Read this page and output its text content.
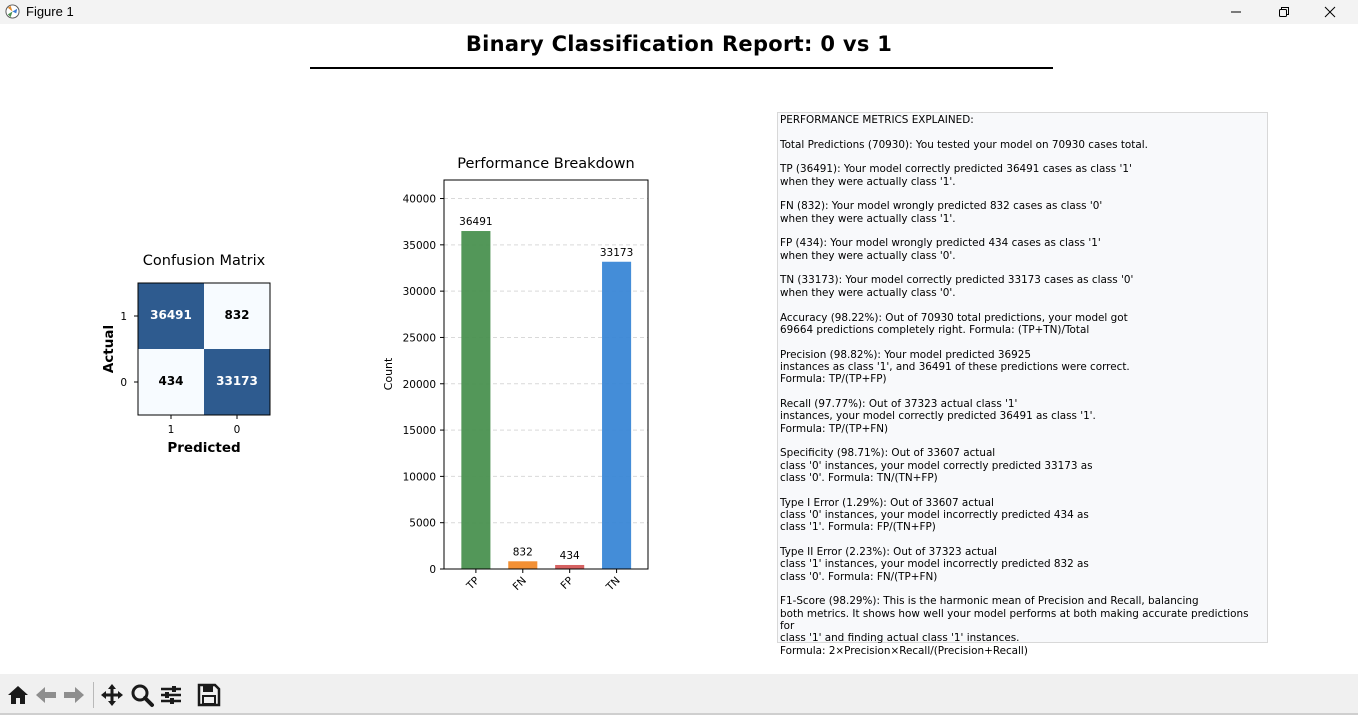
Figure 1
Binary Classification Report: 0 vs 1
Confusion Matrix
36491	832
434	33173
1
0
1	0
Predicted
Actual
Performance Breakdown
Count
0
5000
10000
15000
20000
25000
30000
35000
40000
36491
832	434
33173
TP	FN	FP	TN
PERFORMANCE METRICS EXPLAINED:

Total Predictions (70930): You tested your model on 70930 cases total.

TP (36491): Your model correctly predicted 36491 cases as class '1'
when they were actually class '1'.

FN (832): Your model wrongly predicted 832 cases as class '0'
when they were actually class '1'.

FP (434): Your model wrongly predicted 434 cases as class '1'
when they were actually class '0'.

TN (33173): Your model correctly predicted 33173 cases as class '0'
when they were actually class '0'.

Accuracy (98.22%): Out of 70930 total predictions, your model got
69664 predictions completely right. Formula: (TP+TN)/Total

Precision (98.82%): Your model predicted 36925
instances as class '1', and 36491 of these predictions were correct.
Formula: TP/(TP+FP)

Recall (97.77%): Out of 37323 actual class '1'
instances, your model correctly predicted 36491 as class '1'.
Formula: TP/(TP+FN)

Specificity (98.71%): Out of 33607 actual
class '0' instances, your model correctly predicted 33173 as
class '0'. Formula: TN/(TN+FP)

Type I Error (1.29%): Out of 33607 actual
class '0' instances, your model incorrectly predicted 434 as
class '1'. Formula: FP/(TN+FP)

Type II Error (2.23%): Out of 37323 actual
class '1' instances, your model incorrectly predicted 832 as
class '0'. Formula: FN/(TP+FN)

F1-Score (98.29%): This is the harmonic mean of Precision and Recall, balancing
both metrics. It shows how well your model performs at both making accurate predictions for
class '1' and finding actual class '1' instances.
Formula: 2×Precision×Recall/(Precision+Recall)
